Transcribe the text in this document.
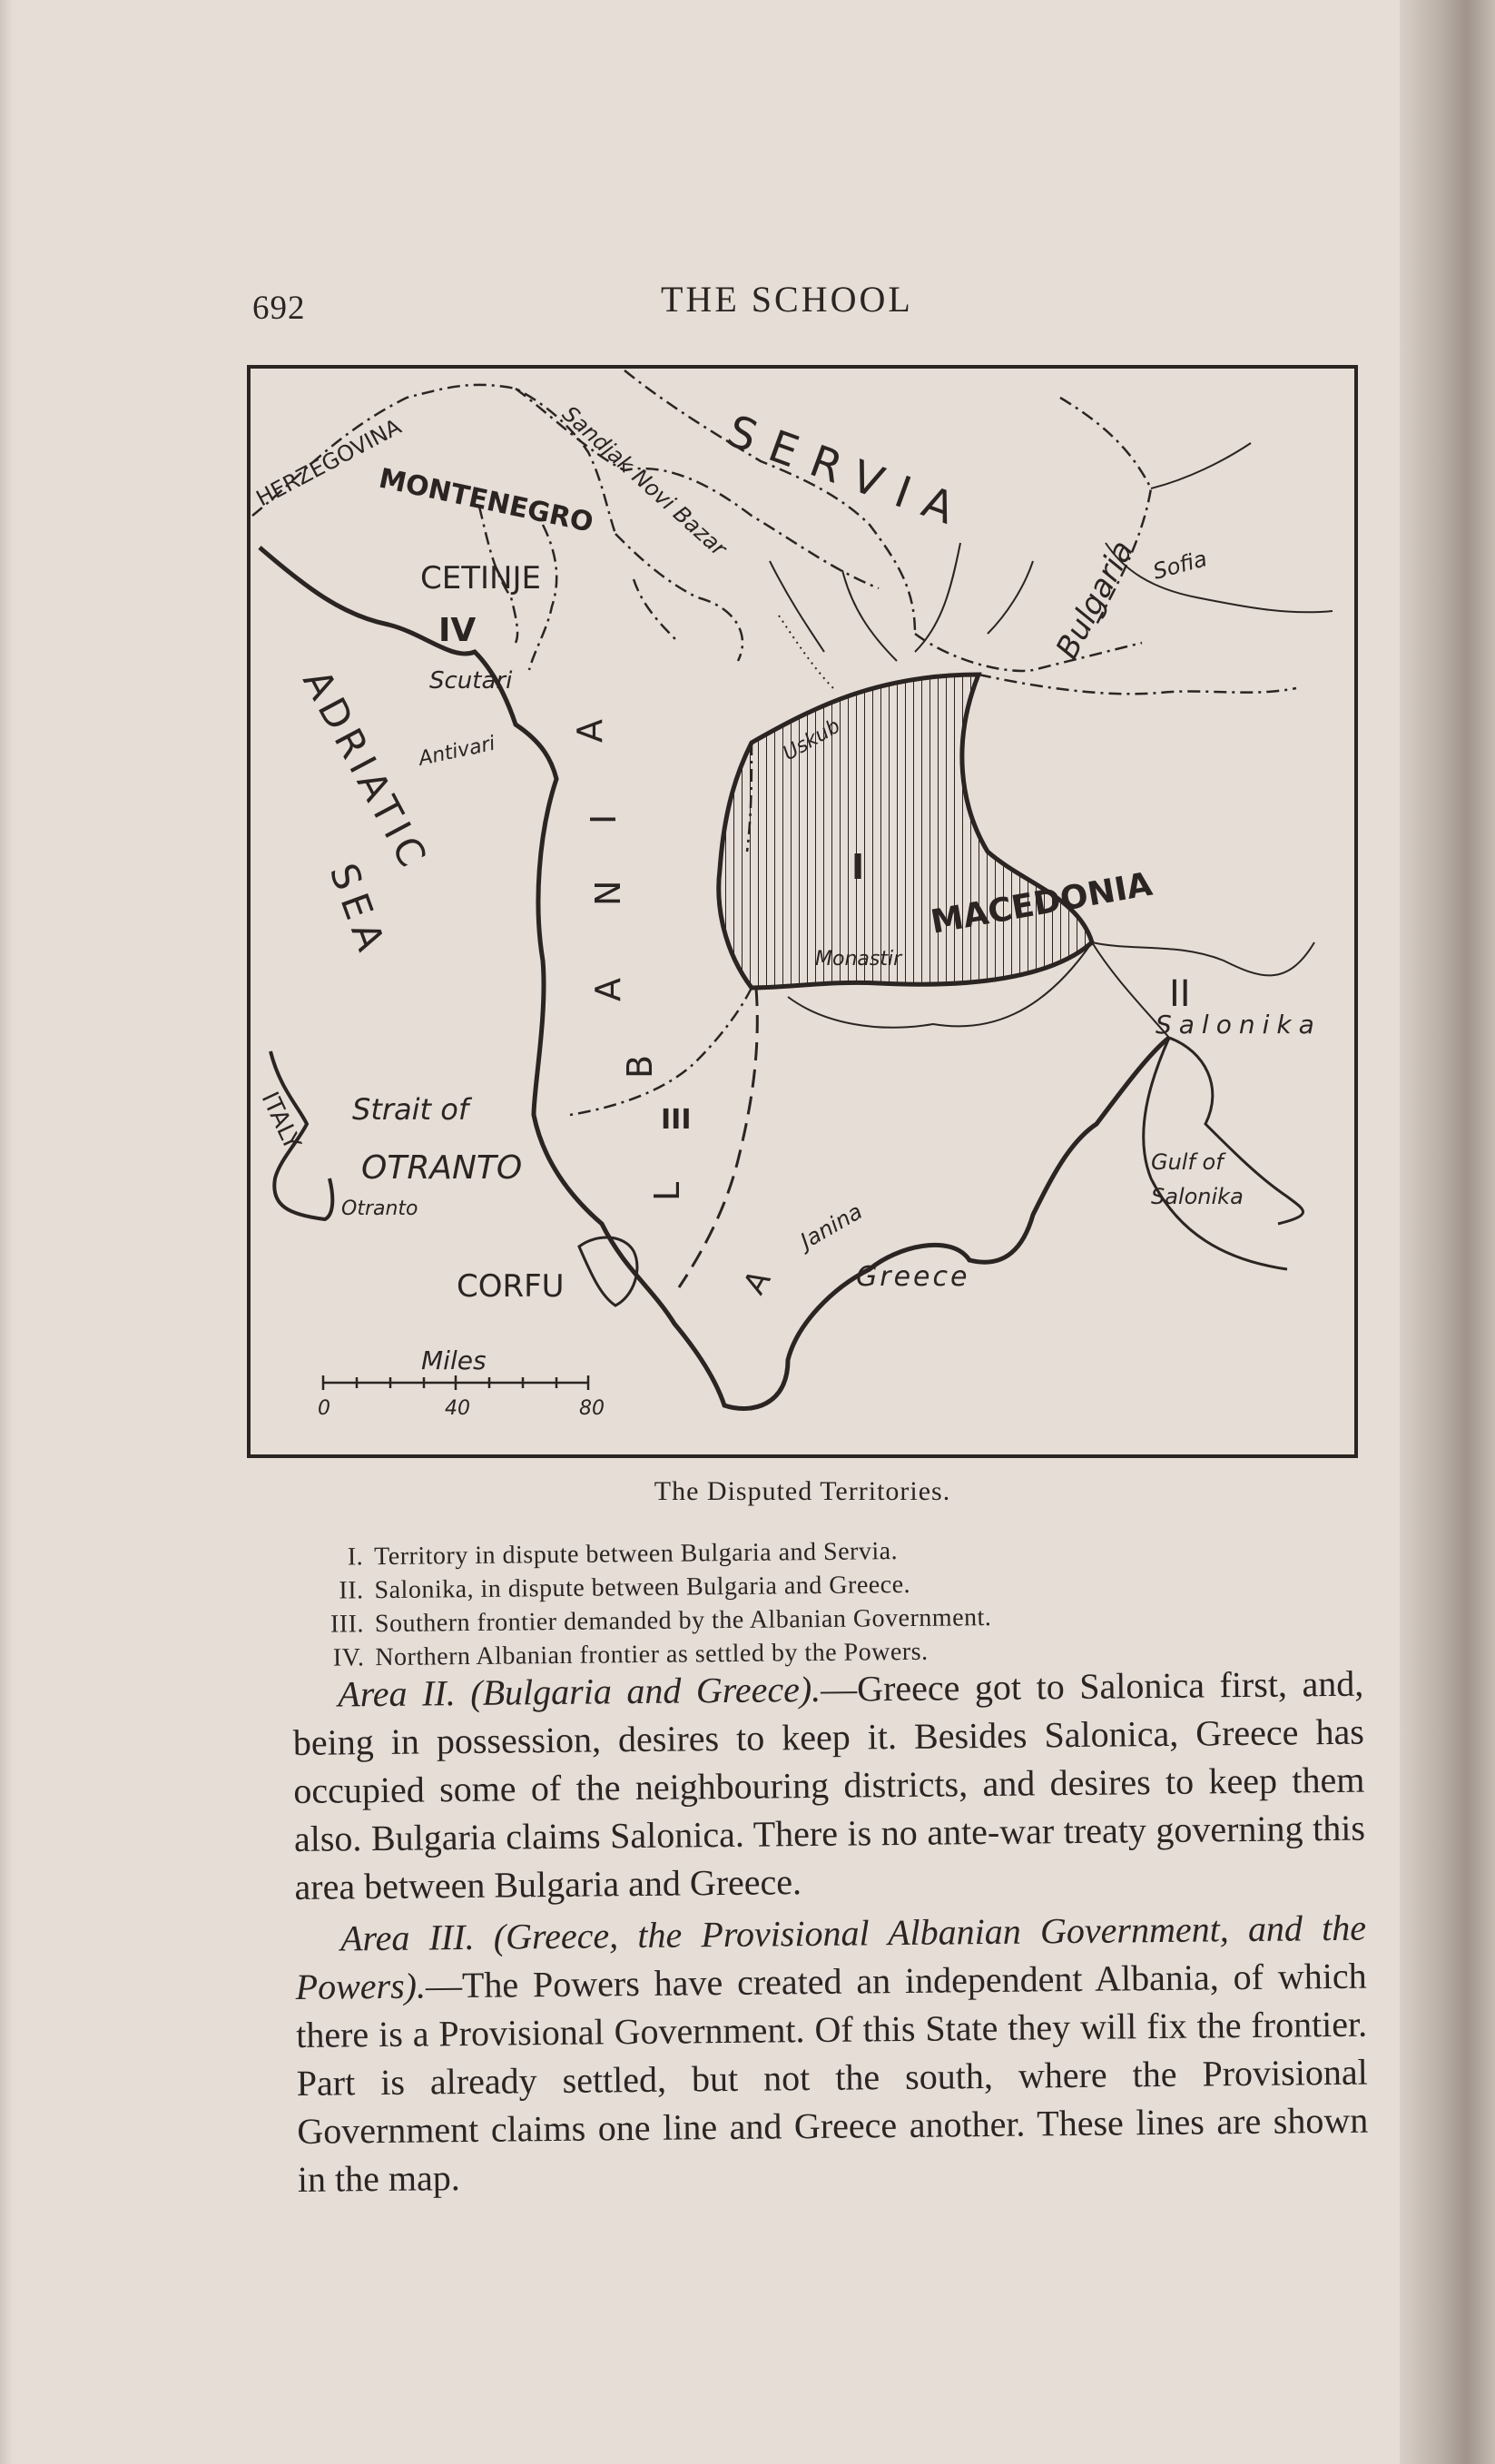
692	THE SCHOOL
HERZEGOVINA
MONTENEGRO
CETINJE
IV
Scutari
Sandjak Novi Bazar
SERVIA
Bulgaria Sofia
Antivari
ADRIATIC
SEA
A
I
N
A
B
L
A
I
Uskub
MACEDONIA
Monastir
II
Salonika
III
Strait of
OTRANTO
ITALY
Otranto	Janina
Greece
CORFU
Gulf of
Salonika
Miles
0	40	80
The Disputed Territories.
I. Territory in dispute between Bulgaria and Servia.
II. Salonika, in dispute between Bulgaria and Greece.
III. Southern frontier demanded by the Albanian Government.
IV. Northern Albanian frontier as settled by the Powers.

Area II. (Bulgaria and Greece).—Greece got to Salonica first, and, being in possession, desires to keep it. Besides Salonica, Greece has occupied some of the neighbouring districts, and desires to keep them also. Bulgaria claims Salonica. There is no ante-war treaty governing this area between Bulgaria and Greece.

Area III. (Greece, the Provisional Albanian Government, and the Powers).—The Powers have created an independent Albania, of which there is a Provisional Government. Of this State they will fix the frontier. Part is already settled, but not the south, where the Provisional Government claims one line and Greece another. These lines are shown in the map.
